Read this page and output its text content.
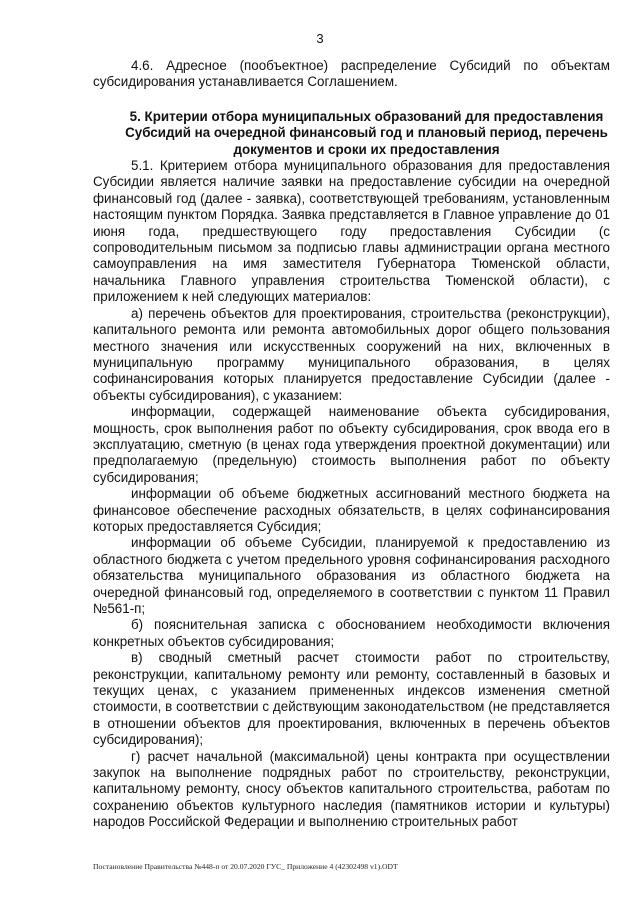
3

4.6. Адресное (пообъектное) распределение Субсидий по объектам субсидирования устанавливается Соглашением.

5. Критерии отбора муниципальных образований для предоставления Субсидий на очередной финансовый год и плановый период, перечень документов и сроки их предоставления

5.1. Критерием отбора муниципального образования для предоставления Субсидии является наличие заявки на предоставление субсидии на очередной финансовый год (далее - заявка), соответствующей требованиям, установленным настоящим пунктом Порядка. Заявка представляется в Главное управление до 01 июня года, предшествующего году предоставления Субсидии (с сопроводительным письмом за подписью главы администрации органа местного самоуправления на имя заместителя Губернатора Тюменской области, начальника Главного управления строительства Тюменской области), с приложением к ней следующих материалов:

а) перечень объектов для проектирования, строительства (реконструкции), капитального ремонта или ремонта автомобильных дорог общего пользования местного значения или искусственных сооружений на них, включенных в муниципальную программу муниципального образования, в целях софинансирования которых планируется предоставление Субсидии (далее - объекты субсидирования), с указанием:

информации, содержащей наименование объекта субсидирования, мощность, срок выполнения работ по объекту субсидирования, срок ввода его в эксплуатацию, сметную (в ценах года утверждения проектной документации) или предполагаемую (предельную) стоимость выполнения работ по объекту субсидирования;

информации об объеме бюджетных ассигнований местного бюджета на финансовое обеспечение расходных обязательств, в целях софинансирования которых предоставляется Субсидия;

информации об объеме Субсидии, планируемой к предоставлению из областного бюджета с учетом предельного уровня софинансирования расходного обязательства муниципального образования из областного бюджета на очередной финансовый год, определяемого в соответствии с пунктом 11 Правил №561-п;

б) пояснительная записка с обоснованием необходимости включения конкретных объектов субсидирования;

в) сводный сметный расчет стоимости работ по строительству, реконструкции, капитальному ремонту или ремонту, составленный в базовых и текущих ценах, с указанием примененных индексов изменения сметной стоимости, в соответствии с действующим законодательством (не представляется в отношении объектов для проектирования, включенных в перечень объектов субсидирования);

г) расчет начальной (максимальной) цены контракта при осуществлении закупок на выполнение подрядных работ по строительству, реконструкции, капитальному ремонту, сносу объектов капитального строительства, работам по сохранению объектов культурного наследия (памятников истории и культуры) народов Российской Федерации и выполнению строительных работ

Постановление Правительства №448-п от 20.07.2020 ГУС_ Приложение 4 (42302498 v1).ODT
